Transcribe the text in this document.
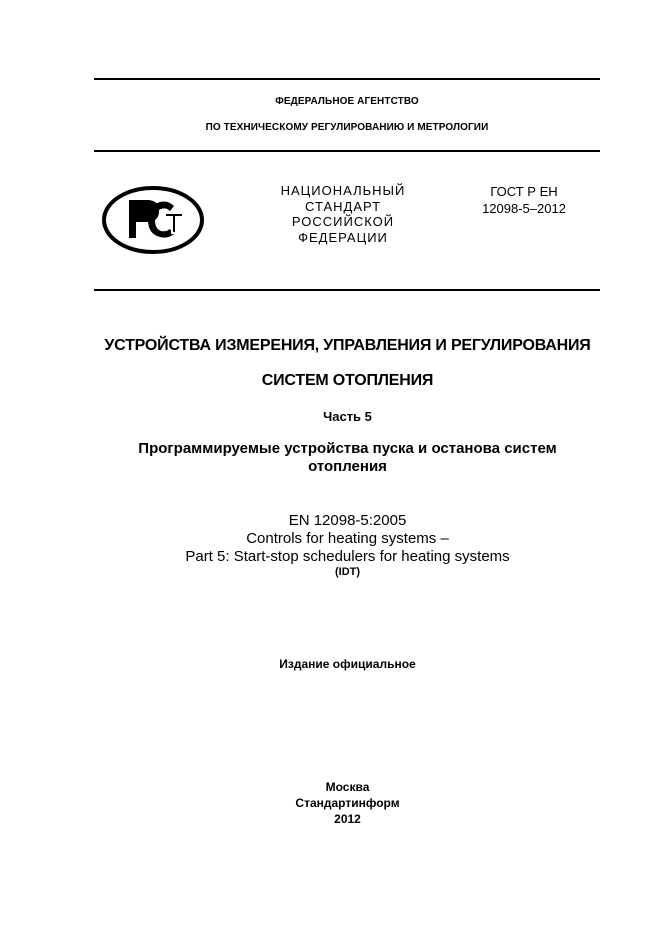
ФЕДЕРАЛЬНОЕ АГЕНТСТВО
ПО ТЕХНИЧЕСКОМУ РЕГУЛИРОВАНИЮ И МЕТРОЛОГИИ
НАЦИОНАЛЬНЫЙ
СТАНДАРТ
РОССИЙСКОЙ
ФЕДЕРАЦИИ
ГОСТ Р ЕН
12098-5–2012
УСТРОЙСТВА ИЗМЕРЕНИЯ, УПРАВЛЕНИЯ И РЕГУЛИРОВАНИЯ
СИСТЕМ ОТОПЛЕНИЯ
Часть 5
Программируемые устройства пуска и останова систем
отопления
EN 12098-5:2005
Controls for heating systems –
Part 5: Start-stop schedulers for heating systems
(IDT)
Издание официальное
Москва
Стандартинформ
2012
